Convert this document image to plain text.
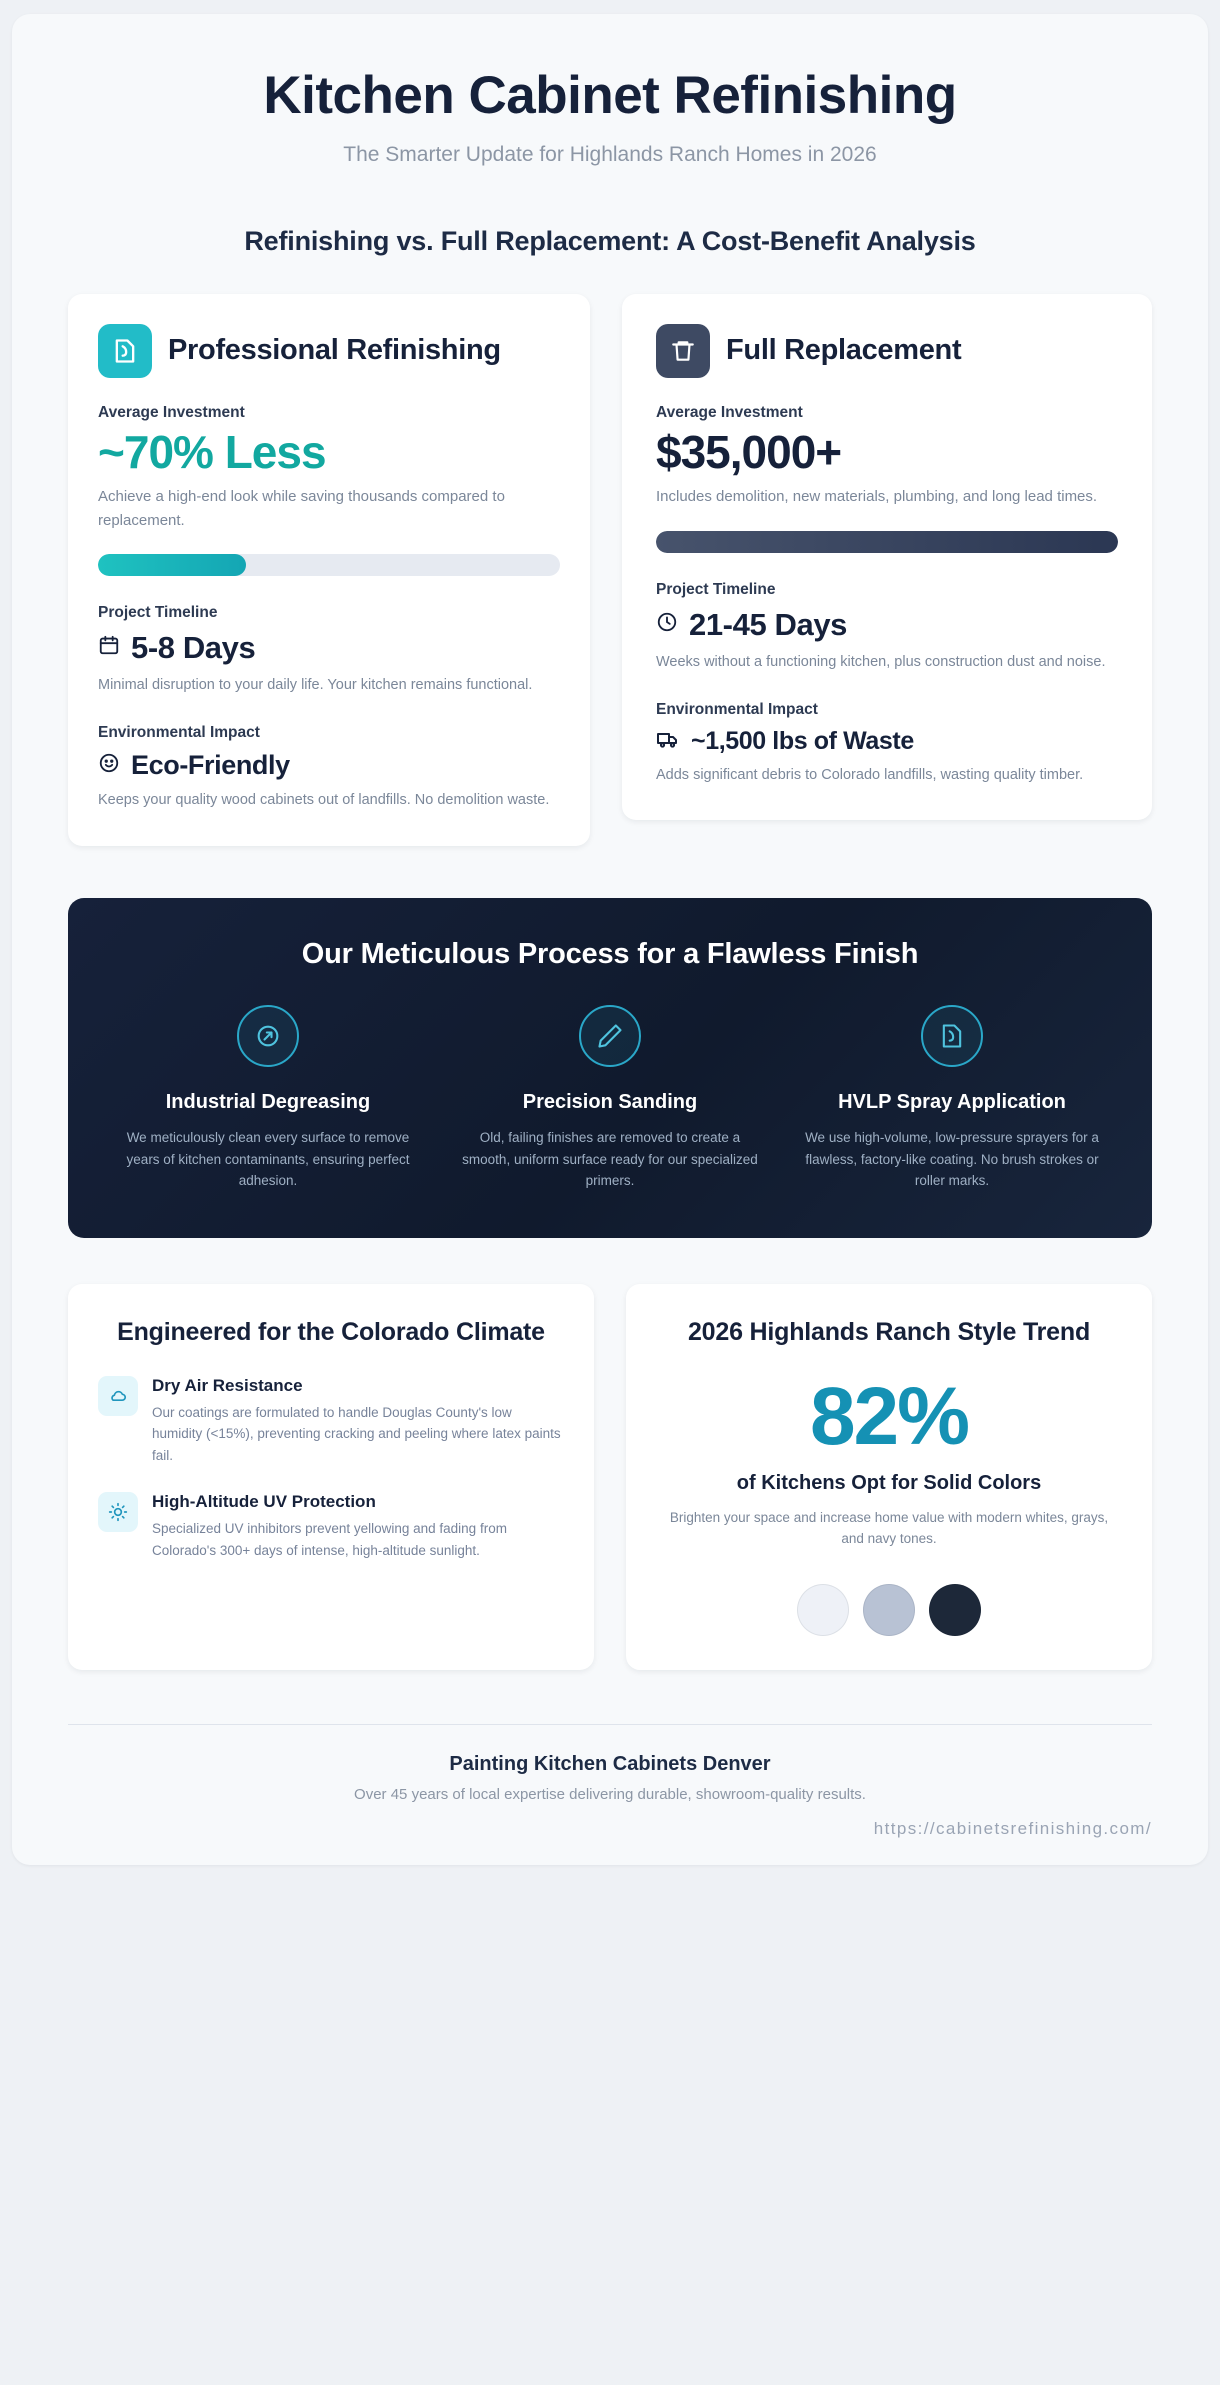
Kitchen Cabinet Refinishing
The Smarter Update for Highlands Ranch Homes in 2026
Refinishing vs. Full Replacement: A Cost-Benefit Analysis
Professional Refinishing
Average Investment
~70% Less
Achieve a high-end look while saving thousands compared to replacement.
Project Timeline
5-8 Days
Minimal disruption to your daily life. Your kitchen remains functional.
Environmental Impact
Eco-Friendly
Keeps your quality wood cabinets out of landfills. No demolition waste.
Full Replacement
Average Investment
$35,000+
Includes demolition, new materials, plumbing, and long lead times.
Project Timeline
21-45 Days
Weeks without a functioning kitchen, plus construction dust and noise.
Environmental Impact
~1,500 lbs of Waste
Adds significant debris to Colorado landfills, wasting quality timber.
Our Meticulous Process for a Flawless Finish
Industrial Degreasing
We meticulously clean every surface to remove years of kitchen contaminants, ensuring perfect adhesion.
Precision Sanding
Old, failing finishes are removed to create a smooth, uniform surface ready for our specialized primers.
HVLP Spray Application
We use high-volume, low-pressure sprayers for a flawless, factory-like coating. No brush strokes or roller marks.
Engineered for the Colorado Climate
Dry Air Resistance
Our coatings are formulated to handle Douglas County's low humidity (<15%), preventing cracking and peeling where latex paints fail.
High-Altitude UV Protection
Specialized UV inhibitors prevent yellowing and fading from Colorado's 300+ days of intense, high-altitude sunlight.
2026 Highlands Ranch Style Trend
82%
of Kitchens Opt for Solid Colors
Brighten your space and increase home value with modern whites, grays, and navy tones.
Painting Kitchen Cabinets Denver
Over 45 years of local expertise delivering durable, showroom-quality results.
https://cabinetsrefinishing.com/
